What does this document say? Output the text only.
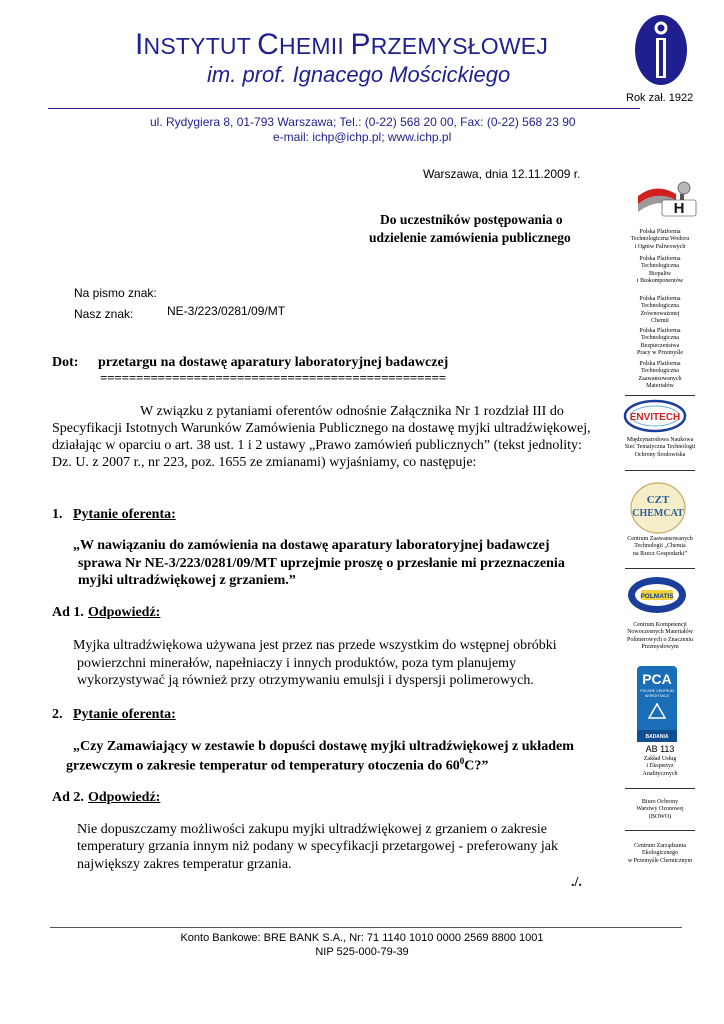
INSTYTUT CHEMII PRZEMYSŁOWEJ
im. prof. Ignacego Mościckiego
Rok zał. 1922
ul. Rydygiera 8, 01-793 Warszawa; Tel.: (0-22) 568 20 00, Fax: (0-22) 568 23 90
e-mail: ichp@ichp.pl; www.ichp.pl
Warszawa, dnia 12.11.2009 r.
Do uczestników postępowania o
udzielenie zamówienia publicznego
Na pismo znak:
Nasz znak:	NE-3/223/0281/09/MT
Dot: przetargu na dostawę aparatury laboratoryjnej badawczej
================================================
W związku z pytaniami oferentów odnośnie Załącznika Nr 1 rozdział III do
Specyfikacji Istotnych Warunków Zamówienia Publicznego na dostawę myjki ultradźwiękowej,
działając w oparciu o art. 38 ust. 1 i 2 ustawy „Prawo zamówień publicznych” (tekst jednolity:
Dz. U. z 2007 r., nr 223, poz. 1655 ze zmianami) wyjaśniamy, co następuje:
1. Pytanie oferenta:
„W nawiązaniu do zamówienia na dostawę aparatury laboratoryjnej badawczej
sprawa Nr NE-3/223/0281/09/MT uprzejmie proszę o przesłanie mi przeznaczenia
myjki ultradźwiękowej z grzaniem.”
Ad 1. Odpowiedź:
Myjka ultradźwiękowa używana jest przez nas przede wszystkim do wstępnej obróbki
powierzchni minerałów, napełniaczy i innych produktów, poza tym planujemy
wykorzystywać ją również przy otrzymywaniu emulsji i dyspersji polimerowych.
2. Pytanie oferenta:
„Czy Zamawiający w zestawie b dopuści dostawę myjki ultradźwiękowej z układem
grzewczym o zakresie temperatur od temperatury otoczenia do $60^0C$?”
Ad 2. Odpowiedź:
Nie dopuszczamy możliwości zakupu myjki ultradźwiękowej z grzaniem o zakresie
temperatury grzania innym niż podany w specyfikacji przetargowej - preferowany jak
największy zakres temperatur grzania.
./.
H
Polska Platforma
Technologiczna Wodoru
i Ogniw Paliwowych
Polska Platforma
Technologiczna
Biopaliw
i Biokomponentów
Polska Platforma
Technologiczna
Zrównoważonej
Chemii
Polska Platforma
Technologiczna
Bezpieczeństwa
Pracy w Przemyśle
Polska Platforma
Technologiczna
Zaawansowanych
Materiałów
ENVITECH
Międzynarodowa Naukowa
Sieć Tematyczna Technologii
Ochrony Środowiska
CZT
CHEMCAT
Centrum Zaawansowanych
Technologii „Chemia
na Rzecz Gospodarki”
POLMATIS
Centrum Kompetencji
Nowoczesnych Materiałów
Polimerowych o Znaczeniu
Przemysłowym
PCA
POLSKIE CENTRUM
AKREDYTACJI
BADANIA
AB 113
Zakład Usług
i Ekspertyz
Analitycznych
Biuro Ochrony
Warstwy Ozonowej
(BOWO)
Centrum Zarządzania
Ekologicznego
w Przemyśle Chemicznym
Konto Bankowe: BRE BANK S.A., Nr: 71 1140 1010 0000 2569 8800 1001
NIP 525-000-79-39
